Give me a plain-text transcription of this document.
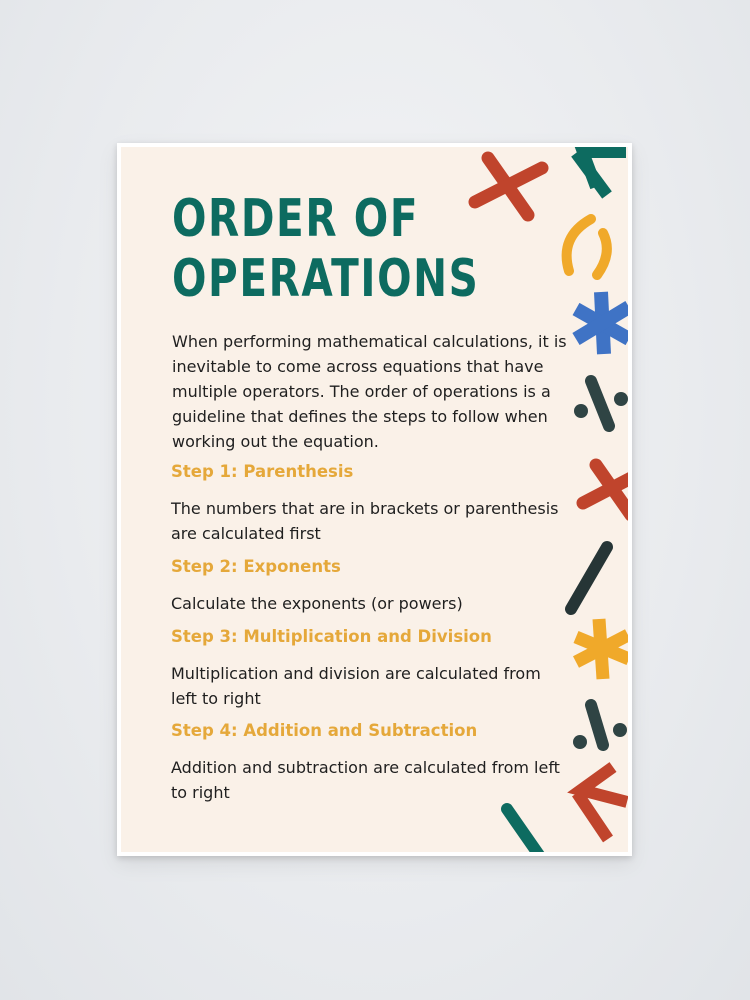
ORDER OF
OPERATIONS

When performing mathematical calculations, it is inevitable to come across equations that have multiple operators. The order of operations is a guideline that defines the steps to follow when working out the equation.

Step 1: Parenthesis

The numbers that are in brackets or parenthesis are calculated first

Step 2: Exponents

Calculate the exponents (or powers)

Step 3: Multiplication and Division

Multiplication and division are calculated from left to right

Step 4: Addition and Subtraction

Addition and subtraction are calculated from left to right
